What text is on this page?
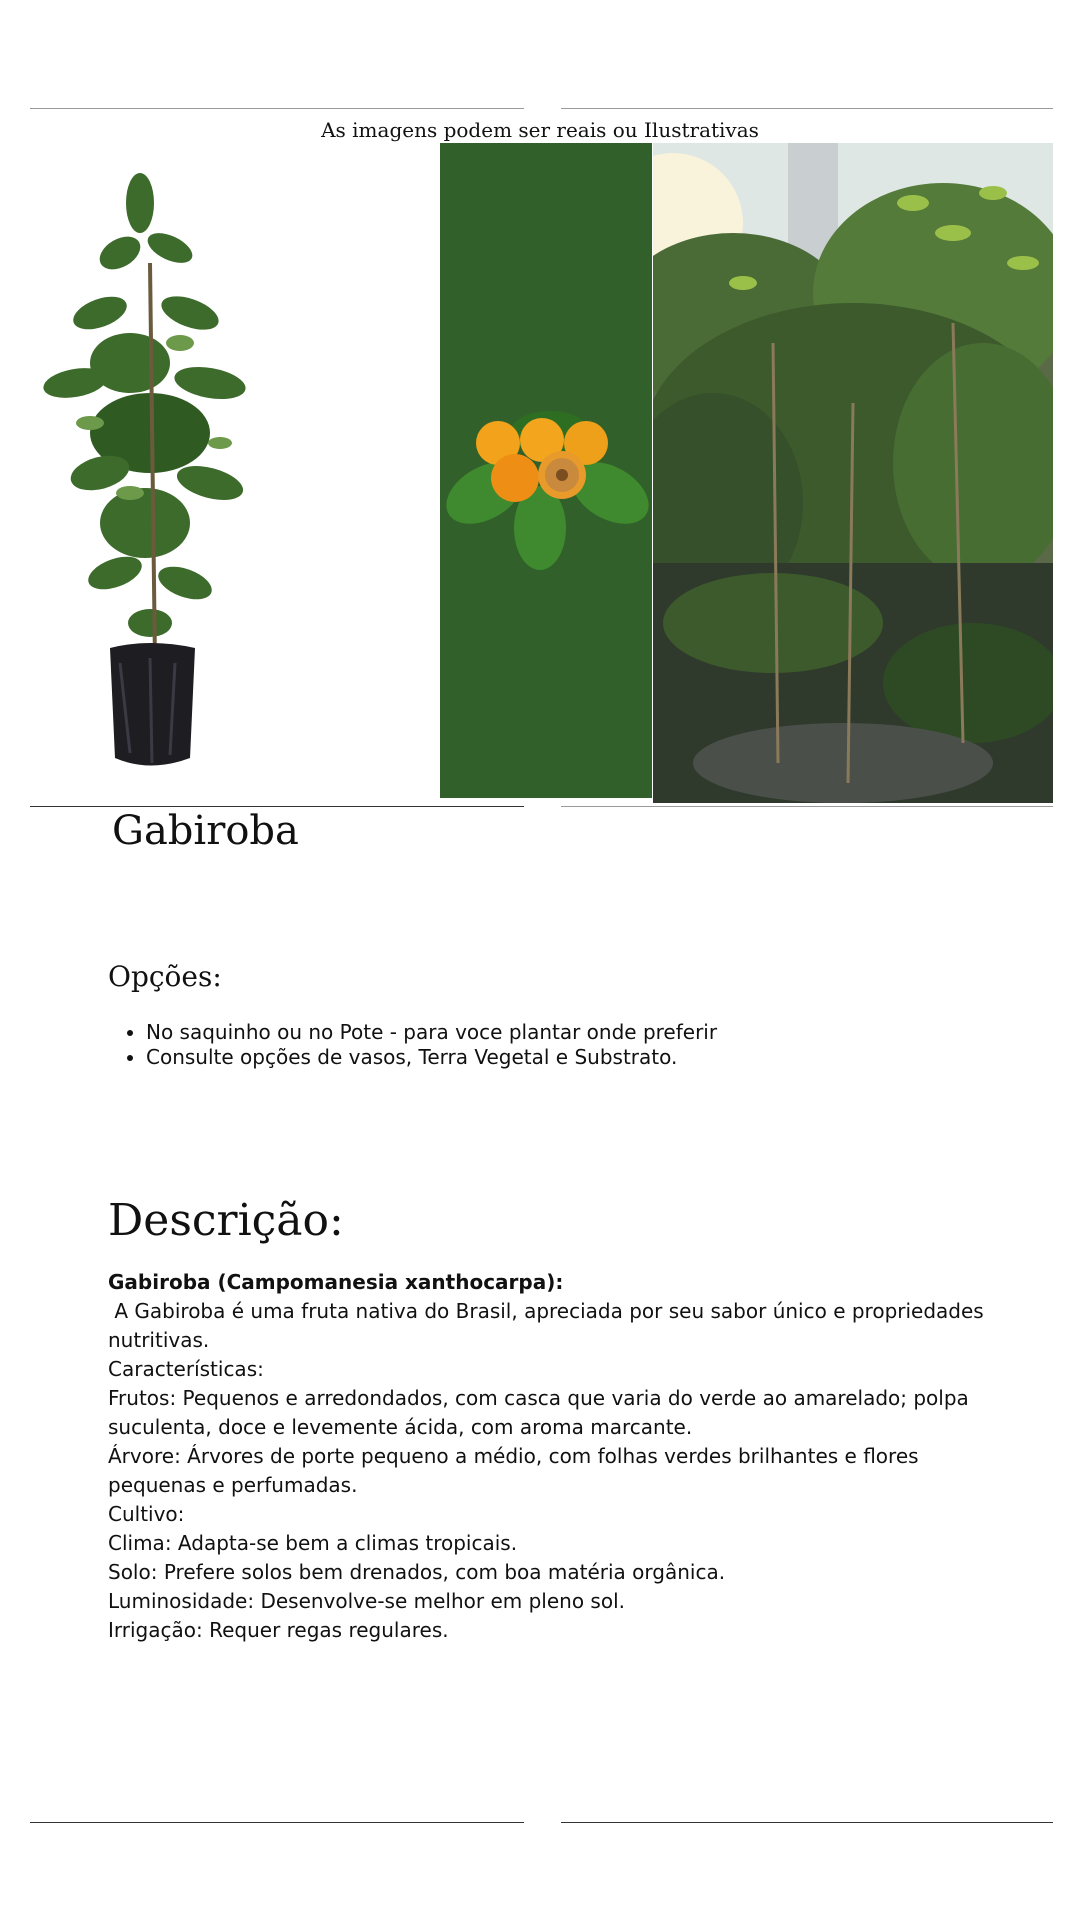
As imagens podem ser reais ou Ilustrativas
Gabiroba
Opções:
• No saquinho ou no Pote - para voce plantar onde preferir
• Consulte opções de vasos, Terra Vegetal e Substrato.
Descrição:

Gabiroba (Campomanesia xanthocarpa):

A Gabiroba é uma fruta nativa do Brasil, apreciada por seu sabor único e propriedades nutritivas.

Características:

Frutos: Pequenos e arredondados, com casca que varia do verde ao amarelado; polpa suculenta, doce e levemente ácida, com aroma marcante.

Árvore: Árvores de porte pequeno a médio, com folhas verdes brilhantes e flores pequenas e perfumadas.

Cultivo:

Clima: Adapta-se bem a climas tropicais.

Solo: Prefere solos bem drenados, com boa matéria orgânica.

Luminosidade: Desenvolve-se melhor em pleno sol.

Irrigação: Requer regas regulares.
